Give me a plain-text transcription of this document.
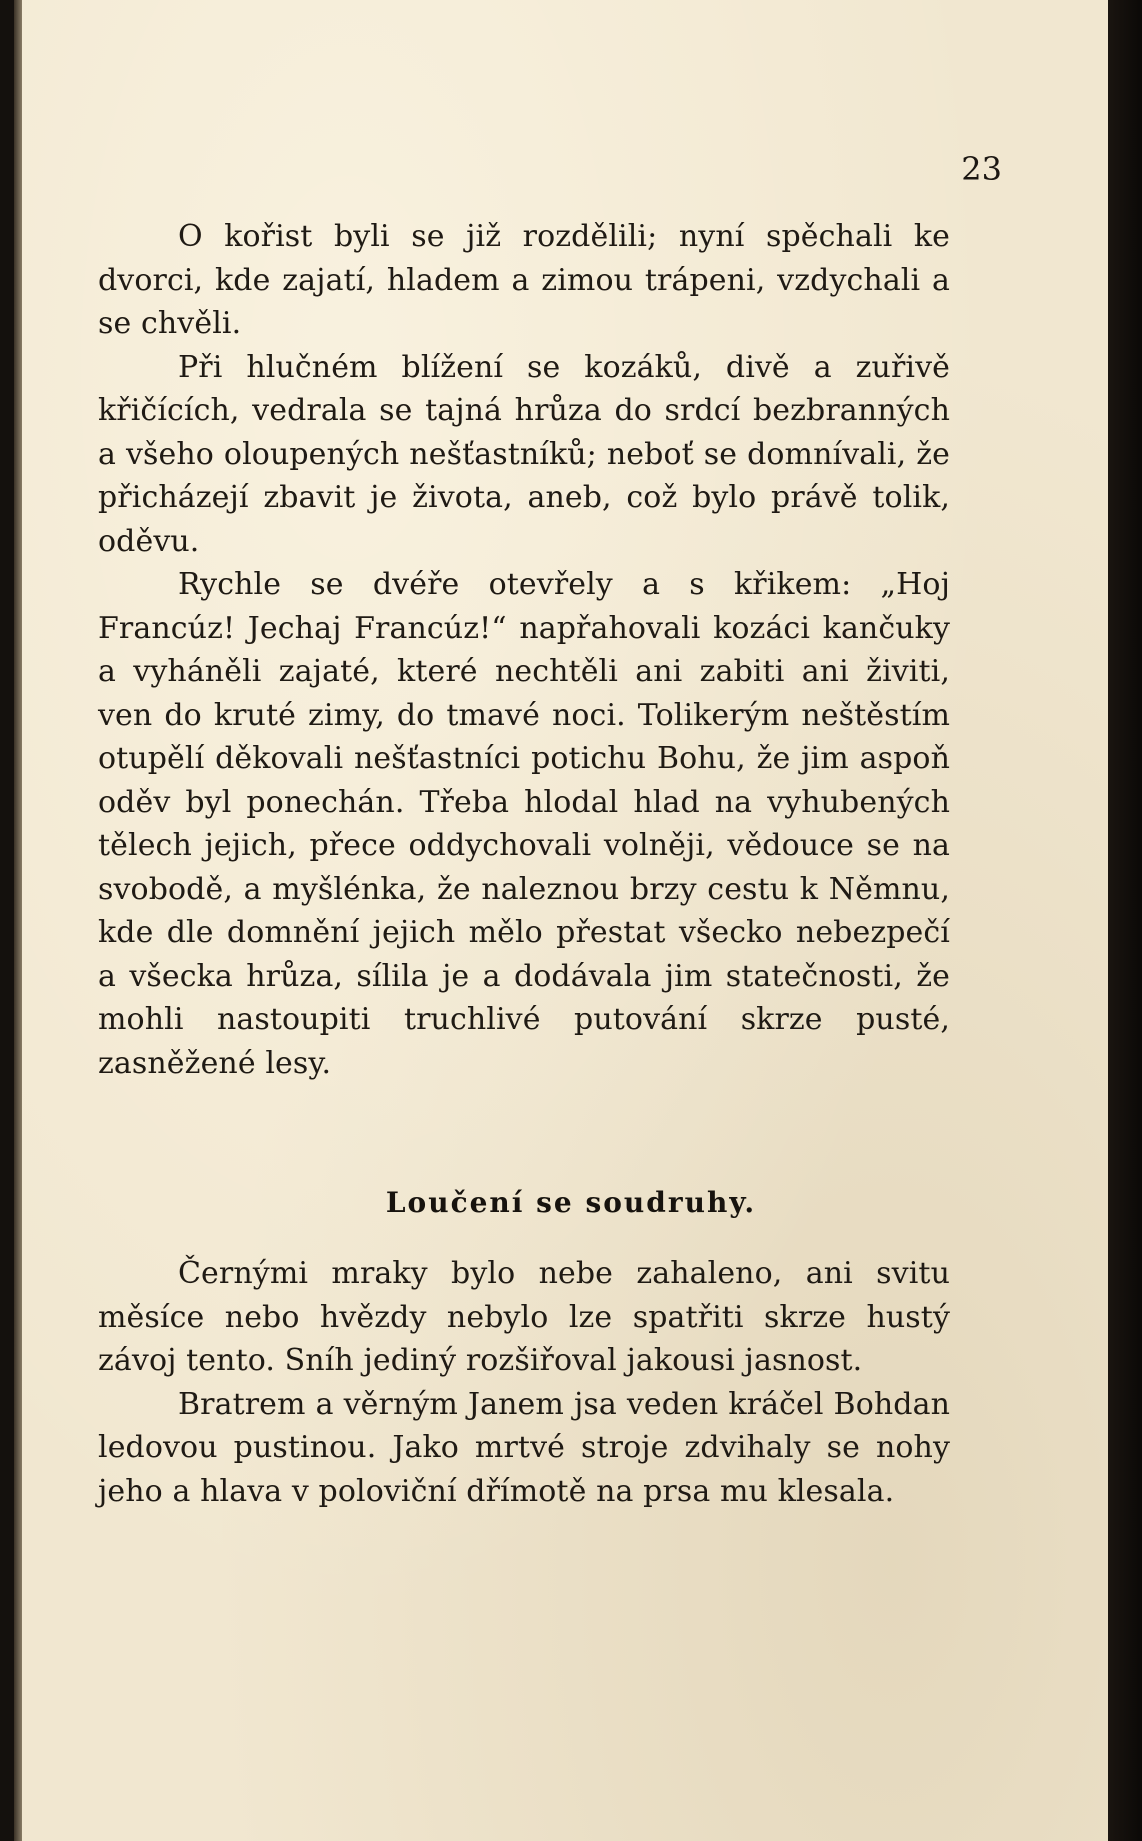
23

O kořist byli se již rozdělili; nyní spěchali ke dvorci, kde zajatí, hladem a zimou trápeni, vzdychali a se chvěli.

Při hlučném blížení se kozáků, divě a zuřivě křičících, vedrala se tajná hrůza do srdcí bezbranných a všeho oloupených nešťastníků; neboť se domnívali, že přicházejí zbavit je života, aneb, což bylo právě tolik, oděvu.

Rychle se dvéře otevřely a s křikem: „Hoj Francúz! Jechaj Francúz!“ napřahovali kozáci kančuky a vyháněli zajaté, které nechtěli ani zabiti ani živiti, ven do kruté zimy, do tmavé noci. Tolikerým neštěstím otupělí děkovali nešťastníci potichu Bohu, že jim aspoň oděv byl ponechán. Třeba hlodal hlad na vyhubených tělech jejich, přece oddychovali volněji, vědouce se na svobodě, a myšlénka, že naleznou brzy cestu k Němnu, kde dle domnění jejich mělo přestat všecko nebezpečí a všecka hrůza, sílila je a dodávala jim statečnosti, že mohli nastoupiti truchlivé putování skrze pusté, zasněžené lesy.

Loučení se soudruhy.

Černými mraky bylo nebe zahaleno, ani svitu měsíce nebo hvězdy nebylo lze spatřiti skrze hustý závoj tento. Sníh jediný rozšiřoval jakousi jasnost.

Bratrem a věrným Janem jsa veden kráčel Bohdan ledovou pustinou. Jako mrtvé stroje zdvihaly se nohy jeho a hlava v poloviční dřímotě na prsa mu klesala.
